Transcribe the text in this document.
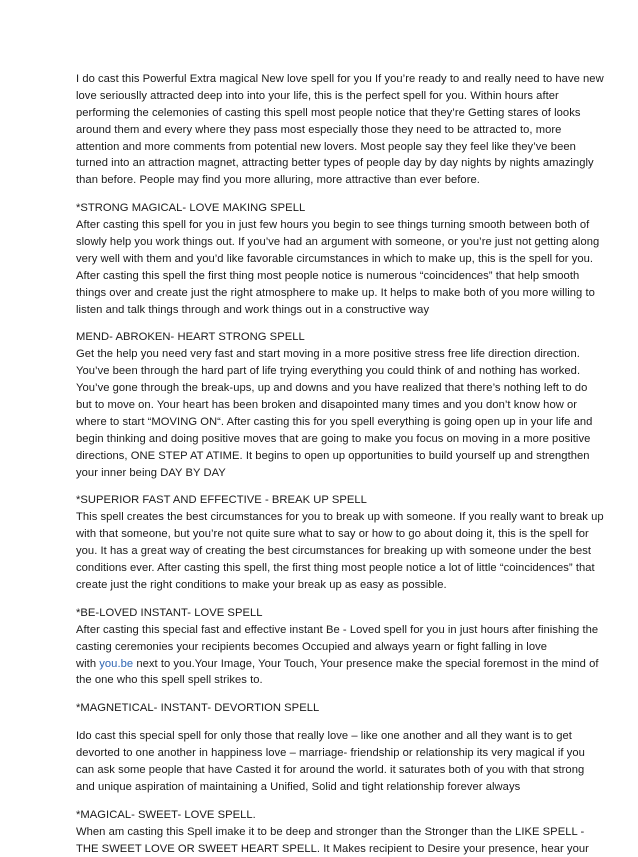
I do cast this Powerful Extra magical New love spell for you If you’re ready to and really need to have new
love seriouslly attracted deep into into your life, this is the perfect spell for you. Within hours after
performing the celemonies of casting this spell most people notice that they’re Getting stares of looks
around them and every where they pass most especially those they need to be attracted to, more
attention and more comments from potential new lovers. Most people say they feel like they’ve been
turned into an attraction magnet, attracting better types of people day by day nights by nights amazingly
than before. People may find you more alluring, more attractive than ever before.
*STRONG MAGICAL- LOVE MAKING SPELL
After casting this spell for you in just few hours you begin to see things turning smooth between both of
slowly help you work things out. If you’ve had an argument with someone, or you’re just not getting along
very well with them and you’d like favorable circumstances in which to make up, this is the spell for you.
After casting this spell the first thing most people notice is numerous “coincidences” that help smooth
things over and create just the right atmosphere to make up. It helps to make both of you more willing to
listen and talk things through and work things out in a constructive way
MEND- ABROKEN- HEART STRONG SPELL
Get the help you need very fast and start moving in a more positive stress free life direction direction.
You’ve been through the hard part of life trying everything you could think of and nothing has worked.
You’ve gone through the break-ups, up and downs and you have realized that there’s nothing left to do
but to move on. Your heart has been broken and disapointed many times and you don’t know how or
where to start “MOVING ON“. After casting this for you spell everything is going open up in your life and
begin thinking and doing positive moves that are going to make you focus on moving in a more positive
directions, ONE STEP AT ATIME. It begins to open up opportunities to build yourself up and strengthen
your inner being DAY BY DAY
*SUPERIOR FAST AND EFFECTIVE - BREAK UP SPELL
This spell creates the best circumstances for you to break up with someone. If you really want to break up
with that someone, but you’re not quite sure what to say or how to go about doing it, this is the spell for
you. It has a great way of creating the best circumstances for breaking up with someone under the best
conditions ever. After casting this spell, the first thing most people notice a lot of little “coincidences” that
create just the right conditions to make your break up as easy as possible.
*BE-LOVED INSTANT- LOVE SPELL
After casting this special fast and effective instant Be - Loved spell for you in just hours after finishing the
casting ceremonies your recipients becomes Occupied and always yearn or fight falling in love
with you.be next to you.Your Image, Your Touch, Your presence make the special foremost in the mind of
the one who this spell spell strikes to.
*MAGNETICAL- INSTANT- DEVORTION SPELL
Ido cast this special spell for only those that really love – like one another and all they want is to get
devorted to one another in happiness love – marriage- friendship or relationship its very magical if you
can ask some people that have Casted it for around the world. it saturates both of you with that strong
and unique aspiration of maintaining a Unified, Solid and tight relationship forever always
*MAGICAL- SWEET- LOVE SPELL.
When am casting this Spell imake it to be deep and stronger than the Stronger than the LIKE SPELL -
THE SWEET LOVE OR SWEET HEART SPELL. It Makes recipient to Desire your presence, hear your
